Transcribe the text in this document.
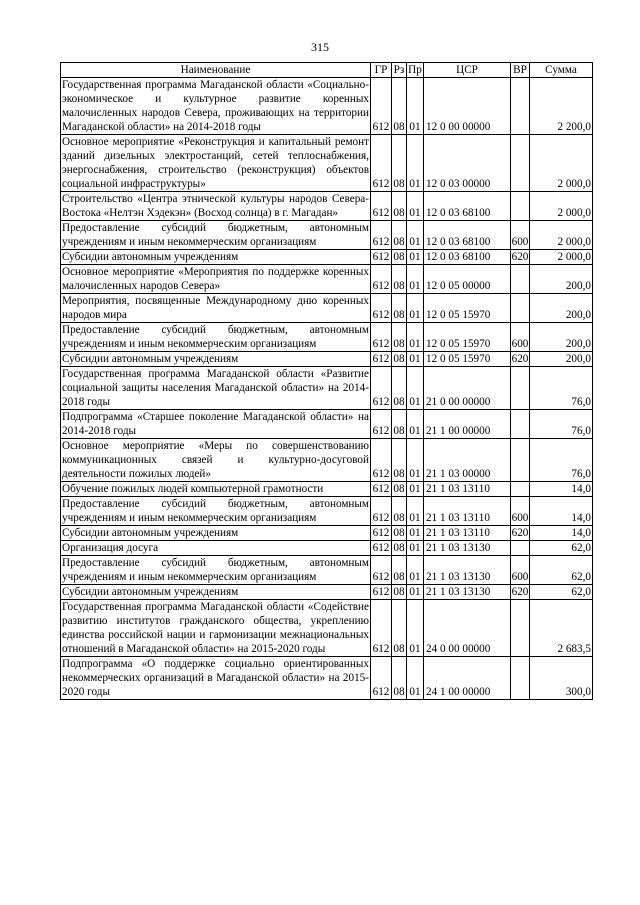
315
Наименование	ГР	Рз	Пр	ЦСР	ВР	Сумма
Государственная программа Магаданской области «Социально-экономическое и культурное развитие коренных малочисленных народов Севера, проживающих на территории Магаданской области» на 2014-2018 годы	612	08	01	12 0 00 00000		2 200,0
Основное мероприятие «Реконструкция и капитальный ремонт зданий дизельных электростанций, сетей теплоснабжения, энергоснабжения, строительство (реконструкция) объектов социальной инфраструктуры»	612	08	01	12 0 03 00000		2 000,0
Строительство «Центра этнической культуры народов Севера-Востока «Нелтэн Хэдекэн» (Восход солнца) в г. Магадан»	612	08	01	12 0 03 68100		2 000,0
Предоставление субсидий бюджетным, автономным учреждениям и иным некоммерческим организациям	612	08	01	12 0 03 68100	600	2 000,0
Субсидии автономным учреждениям	612	08	01	12 0 03 68100	620	2 000,0
Основное мероприятие «Мероприятия по поддержке коренных малочисленных народов Севера»	612	08	01	12 0 05 00000		200,0
Мероприятия, посвященные Международному дню коренных народов мира	612	08	01	12 0 05 15970		200,0
Предоставление субсидий бюджетным, автономным учреждениям и иным некоммерческим организациям	612	08	01	12 0 05 15970	600	200,0
Субсидии автономным учреждениям	612	08	01	12 0 05 15970	620	200,0
Государственная программа Магаданской области «Развитие социальной защиты населения Магаданской области» на 2014-2018 годы	612	08	01	21 0 00 00000		76,0
Подпрограмма «Старшее поколение Магаданской области» на 2014-2018 годы	612	08	01	21 1 00 00000		76,0
Основное мероприятие «Меры по совершенствованию коммуникационных связей и культурно-досуговой деятельности пожилых людей»	612	08	01	21 1 03 00000		76,0
Обучение пожилых людей компьютерной грамотности	612	08	01	21 1 03 13110		14,0
Предоставление субсидий бюджетным, автономным учреждениям и иным некоммерческим организациям	612	08	01	21 1 03 13110	600	14,0
Субсидии автономным учреждениям	612	08	01	21 1 03 13110	620	14,0
Организация досуга	612	08	01	21 1 03 13130		62,0
Предоставление субсидий бюджетным, автономным учреждениям и иным некоммерческим организациям	612	08	01	21 1 03 13130	600	62,0
Субсидии автономным учреждениям	612	08	01	21 1 03 13130	620	62,0
Государственная программа Магаданской области «Содействие развитию институтов гражданского общества, укреплению единства российской нации и гармонизации межнациональных отношений в Магаданской области» на 2015-2020 годы	612	08	01	24 0 00 00000		2 683,5
Подпрограмма «О поддержке социально ориентированных некоммерческих организаций в Магаданской области» на 2015-2020 годы	612	08	01	24 1 00 00000		300,0
